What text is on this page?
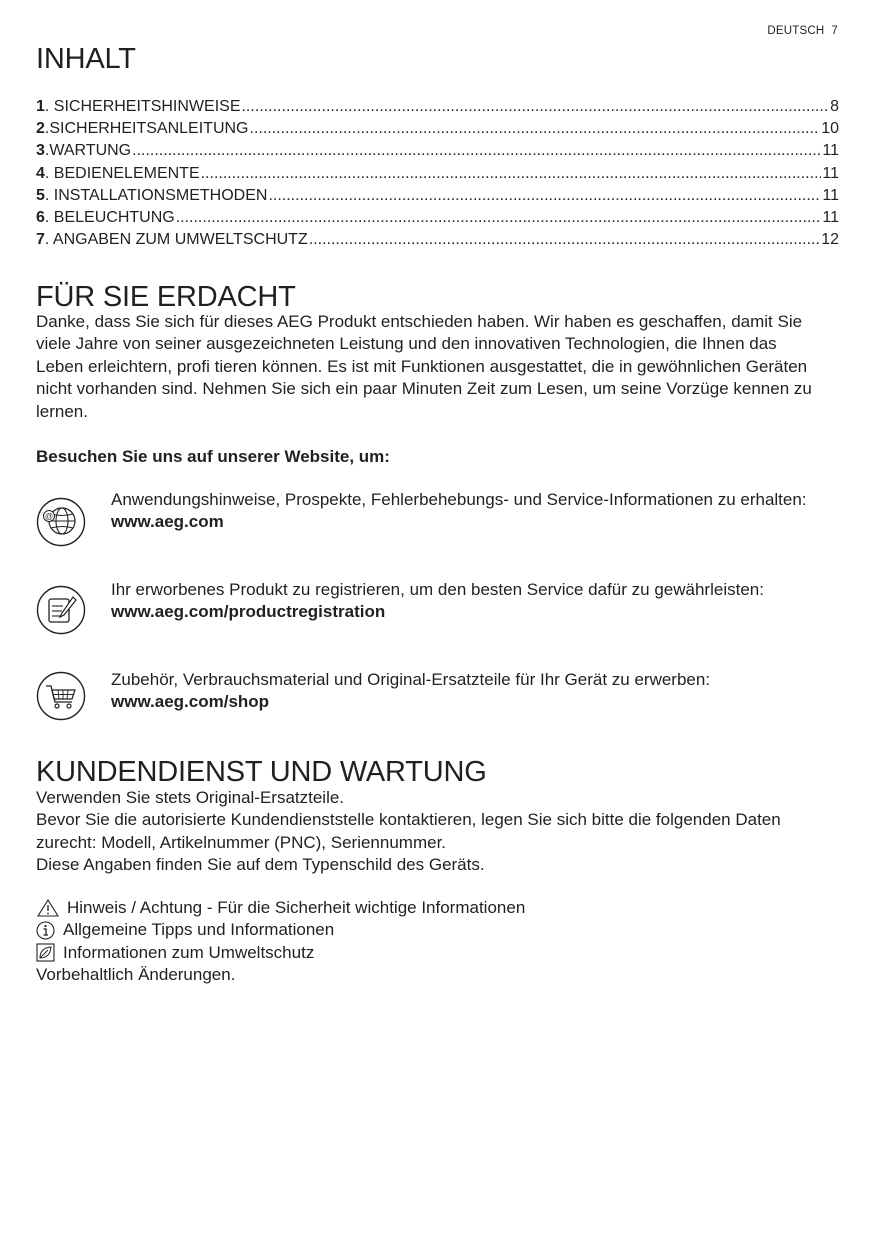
DEUTSCH 7
INHALT
1 . SICHERHEITSHINWEISE .....	8
2 .SICHERHEITSANLEITUNG .....	10
3 .WARTUNG .....	11
4 . BEDIENELEMENTE .....	11
5 . INSTALLATIONSMETHODEN .....	11
6 . BELEUCHTUNG .....	11
7 . ANGABEN ZUM UMWELTSCHUTZ .....	12
FÜR SIE ERDACHT

Danke, dass Sie sich für dieses AEG Produkt entschieden haben. Wir haben es geschaffen, damit Sie viele Jahre von seiner ausgezeichneten Leistung und den innovativen Technologien, die Ihnen das Leben erleichtern, profi tieren können. Es ist mit Funktionen ausgestattet, die in gewöhnlichen Geräten nicht vorhanden sind. Nehmen Sie sich ein paar Minuten Zeit zum Lesen, um seine Vorzüge kennen zu lernen.

Besuchen Sie uns auf unserer Website, um:

@
Anwendungshinweise, Prospekte, Fehlerbehebungs- und Service-Informationen zu erhalten:
www.aeg.com
Ihr erworbenes Produkt zu registrieren, um den besten Service dafür zu gewährleisten:
www.aeg.com/productregistration
Zubehör, Verbrauchsmaterial und Original-Ersatzteile für Ihr Gerät zu erwerben:
www.aeg.com/shop
KUNDENDIENST UND WARTUNG
Verwenden Sie stets Original-Ersatzteile.
Bevor Sie die autorisierte Kundendienststelle kontaktieren, legen Sie sich bitte die folgenden Daten zurecht: Modell, Artikelnummer (PNC), Seriennummer.
Diese Angaben finden Sie auf dem Typenschild des Geräts.
Hinweis / Achtung - Für die Sicherheit wichtige Informationen
Allgemeine Tipps und Informationen
Informationen zum Umweltschutz
Vorbehaltlich Änderungen.
